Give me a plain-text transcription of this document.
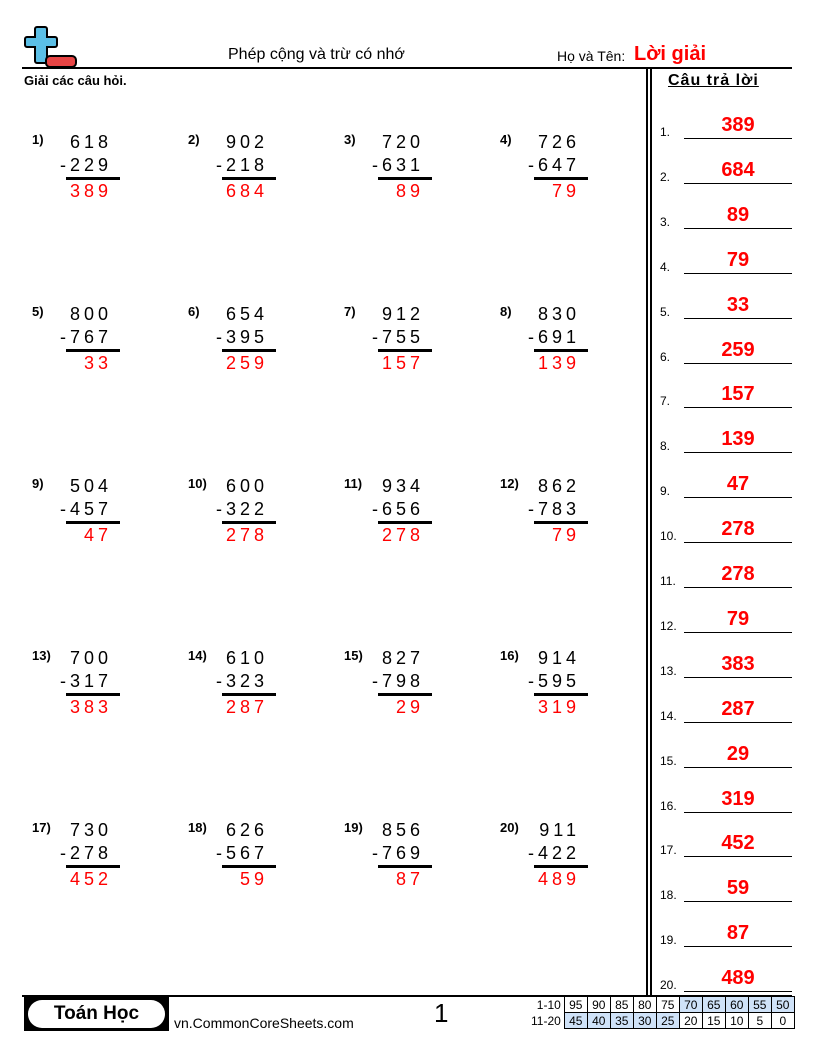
Phép cộng và trừ có nhớ	Họ và Tên: Lời giải
Giải các câu hỏi.	Câu trả lời
1) 618
-229
389
2) 902
-218
684
3) 720
-631
89
4) 726
-647
79
5) 800
-767
33
6) 654
-395
259
7) 912
-755
157
8) 830
-691
139
9) 504
-457
47
10) 600
-322
278
11) 934
-656
278
12) 862
-783
79
13) 700
-317
383
14) 610
-323
287
15) 827
-798
29
16) 914
-595
319
17) 730
-278
452
18) 626
-567
59
19) 856
-769
87
20) 911
-422
489
1.	389
2.	684
3.	89
4.	79
5.	33
6.	259
7.	157
8.	139
9.	47
10.	278
11.	278
12.	79
13.	383
14.	287
15.	29
16.	319
17.	452
18.	59
19.	87
20.	489
Toán Học	vn.CommonCoreSheets.com	1	1-10	95	90	85	80	75	70	65	60	55	50
11-20	45	40	35	30	25	20	15	10	5	0
